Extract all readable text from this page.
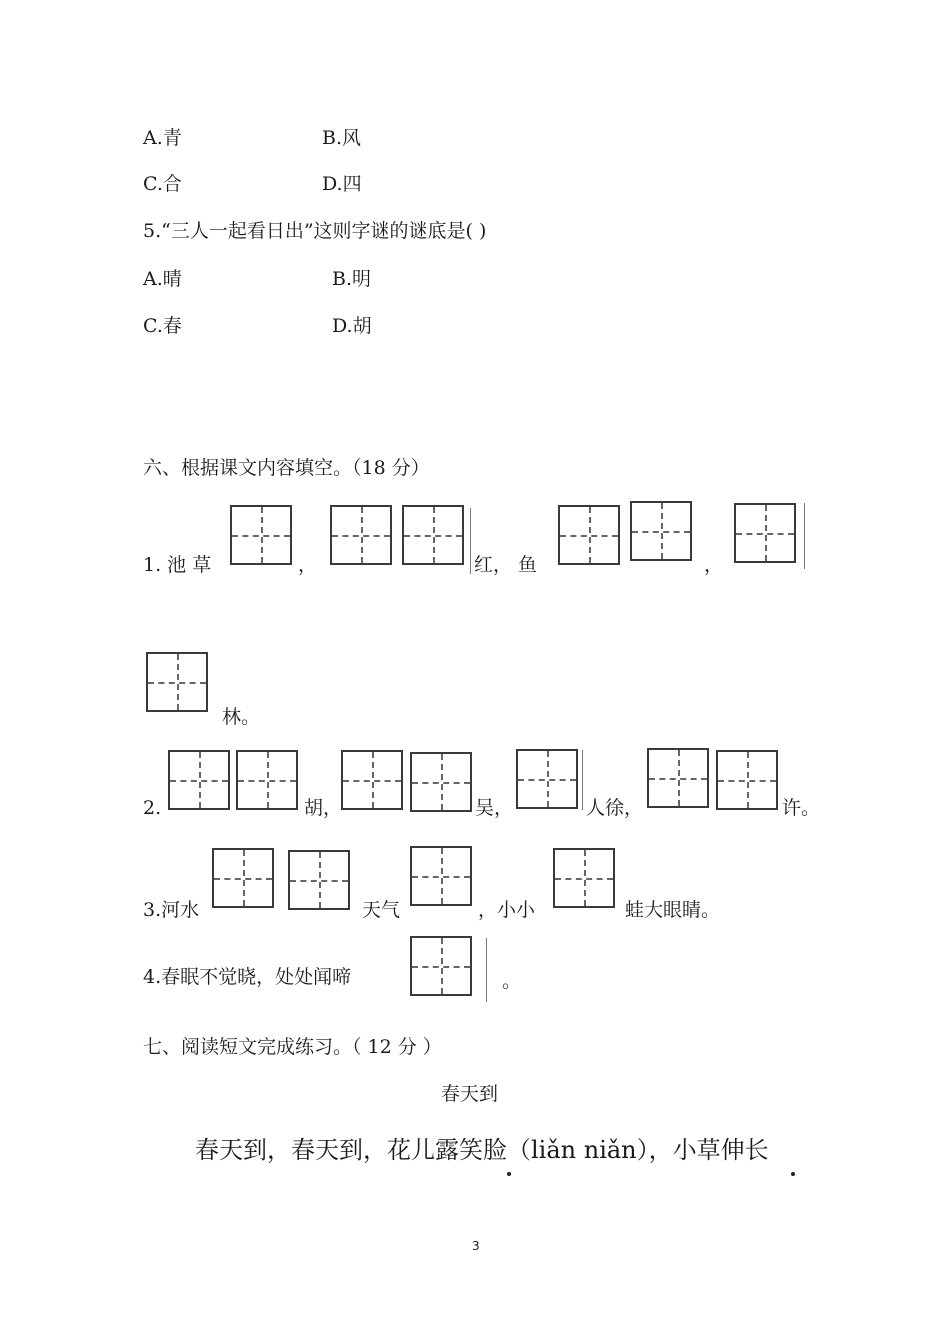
A.青	B.风
C.合	D.四
5.“三人一起看日出”这则字谜的谜底是( )
A.晴	B.明
C.春	D.胡
六、根据课文内容填空。（18 分）
1. 池 草	，	红， 鱼	，
林。
2.	胡，	吴，	人徐，	许。
3.河水	天气	，小小	蛙大眼睛。
4.春眠不觉晓，处处闻啼	。
七、阅读短文完成练习。（ 12 分 ）
春天到
春天到，春天到，花儿露笑脸（liǎn niǎn），小草伸长
3
